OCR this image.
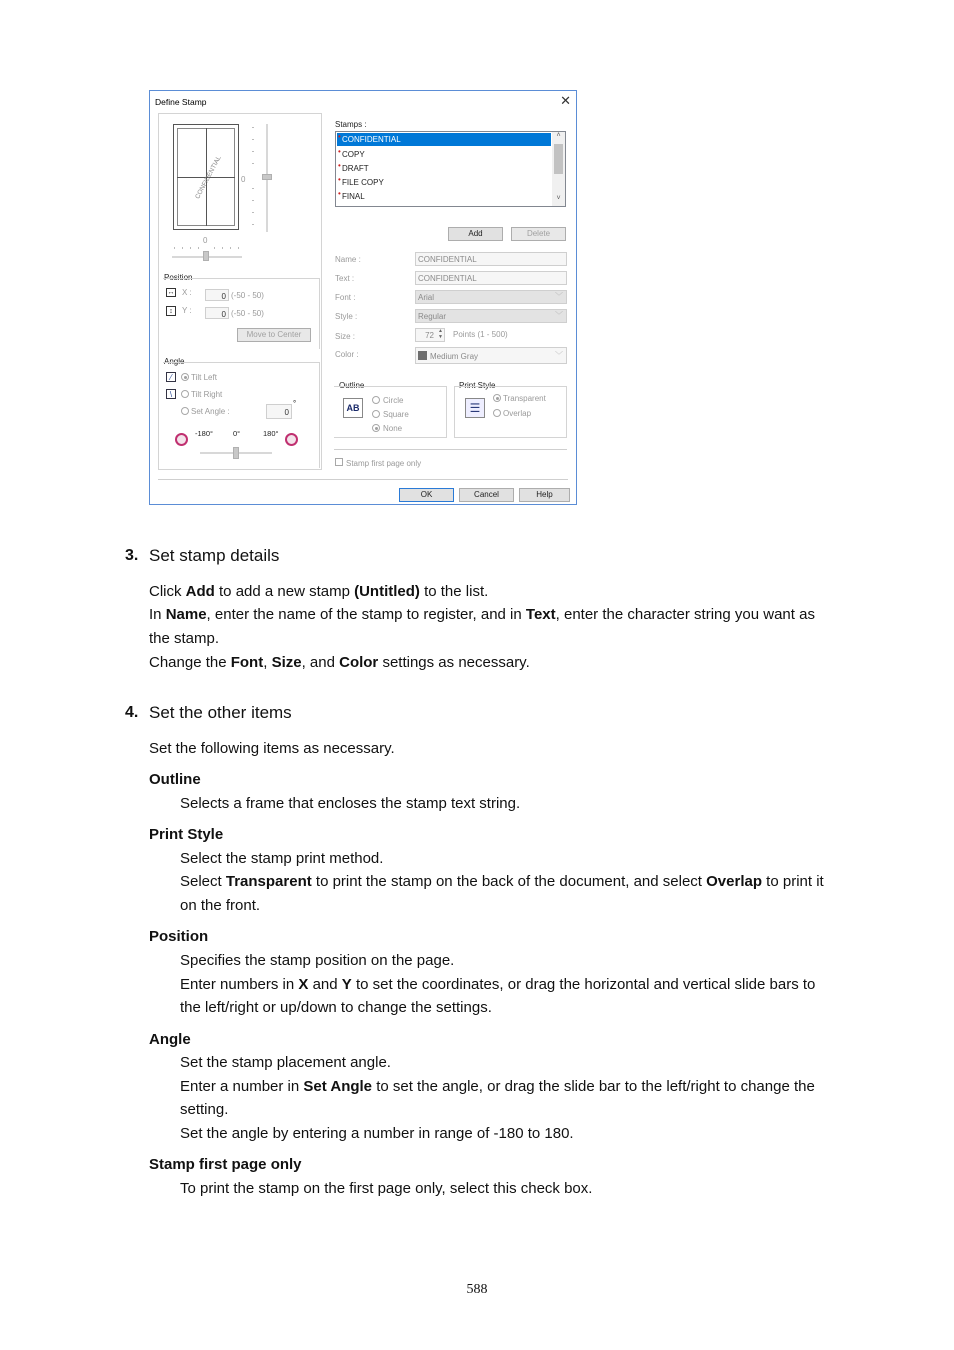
Define Stamp	✕
CONFIDENTIAL 0
0
Position
↔ X :	0 (-50 - 50)
↕	Y :	0 (-50 - 50)
Move to Center
Angle
⁄	Tilt Left
\	Tilt Right
Set Angle :	0
°
-180°	0°	180°
Stamps :
• CONFIDENTIAL
• COPY
• DRAFT
• FILE COPY
• FINAL
˄
˅
Add	Delete
Name :	CONFIDENTIAL
Text :	CONFIDENTIAL
Font :	Arial	﹀
Style :	Regular	﹀
Size :	72 ▲
▼ Points (1 - 500)
Color :	Medium Gray	﹀
Outline
AB
Circle
Square
None
Print Style
☰
Transparent
Overlap
Stamp first page only
OK	Cancel	Help
3. Set stamp details
Click Add to add a new stamp (Untitled) to the list.
In Name, enter the name of the stamp to register, and in Text, enter the character string you want as
the stamp.
Change the Font, Size, and Color settings as necessary.
4. Set the other items
Set the following items as necessary.
Outline
Selects a frame that encloses the stamp text string.
Print Style
Select the stamp print method.
Select Transparent to print the stamp on the back of the document, and select Overlap to print it
on the front.
Position
Specifies the stamp position on the page.
Enter numbers in X and Y to set the coordinates, or drag the horizontal and vertical slide bars to
the left/right or up/down to change the settings.
Angle
Set the stamp placement angle.
Enter a number in Set Angle to set the angle, or drag the slide bar to the left/right to change the
setting.
Set the angle by entering a number in range of -180 to 180.
Stamp first page only
To print the stamp on the first page only, select this check box.
588
